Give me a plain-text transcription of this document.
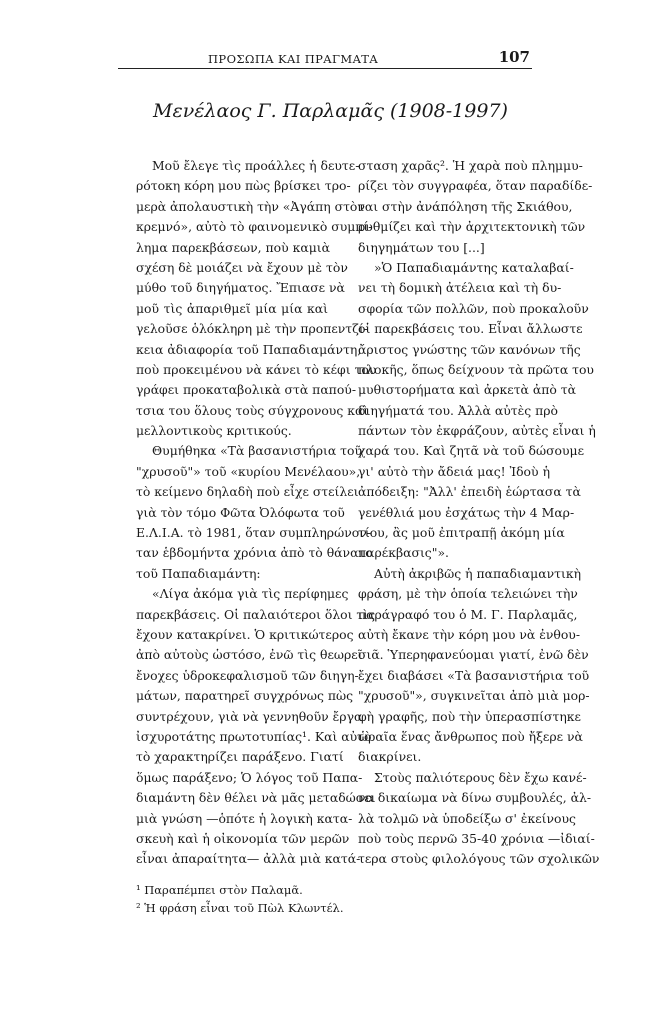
ΠΡΟΣΩΠΑ ΚΑΙ ΠΡΑΓΜΑΤΑ	107
Μενέλαος Γ. Παρλαμᾶς (1908-1997)
Μοῦ ἔλεγε τὶς προάλλες ἡ δευτε-
ρότοκη κόρη μου πὼς βρίσκει τρο-
μερὰ ἀπολαυστικὴ τὴν «Ἀγάπη στὸν
κρεμνό», αὐτὸ τὸ φαινομενικὸ συμπί-
λημα παρεκβάσεων, ποὺ καμιὰ
σχέση δὲ μοιάζει νὰ ἔχουν μὲ τὸν
μύθο τοῦ διηγήματος. Ἔπιασε νὰ
μοῦ τὶς ἀπαριθμεῖ μία μία καὶ
γελοῦσε ὁλόκληρη μὲ τὴν προπεντζί-
κεια ἀδιαφορία τοῦ Παπαδιαμάντη,
ποὺ προκειμένου νὰ κάνει τὸ κέφι του
γράφει προκαταβολικὰ στὰ παπού-
τσια του ὅλους τοὺς σύγχρονους καὶ
μελλοντικοὺς κριτικούς.
Θυμήθηκα «Τὰ βασανιστήρια τοῦ
"χρυσοῦ"» τοῦ «κυρίου Μενέλαου»,
τὸ κείμενο δηλαδὴ ποὺ εἶχε στείλει
γιὰ τὸν τόμο Φῶτα Ὀλόφωτα τοῦ
Ε.Λ.Ι.Α. τὸ 1981, ὅταν συμπληρώνον-
ταν ἑβδομήντα χρόνια ἀπὸ τὸ θάνατο
τοῦ Παπαδιαμάντη:
«Λίγα ἀκόμα γιὰ τὶς περίφημες
παρεκβάσεις. Οἱ παλαιότεροι ὅλοι τὶς
ἔχουν κατακρίνει. Ὁ κριτικώτερος
ἀπὸ αὐτοὺς ὡστόσο, ἐνῶ τὶς θεωρεῖ
ἔνοχες ὑδροκεφαλισμοῦ τῶν διηγη-
μάτων, παρατηρεῖ συγχρόνως πὼς
συντρέχουν, γιὰ νὰ γεννηθοῦν ἔργα
ἰσχυροτάτης πρωτοτυπίας¹. Καὶ αὐτὸ
τὸ χαρακτηρίζει παράξενο. Γιατί
ὅμως παράξενο; Ὁ λόγος τοῦ Παπα-
διαμάντη δὲν θέλει νὰ μᾶς μεταδώσει
μιὰ γνώση —ὁπότε ἡ λογικὴ κατα-
σκευὴ καὶ ἡ οἰκονομία τῶν μερῶν
εἶναι ἀπαραίτητα— ἀλλὰ μιὰ κατά-
σταση χαρᾶς². Ἡ χαρὰ ποὺ πλημμυ-
ρίζει τὸν συγγραφέα, ὅταν παραδίδε-
ται στὴν ἀνάπόληση τῆς Σκιάθου,
ρυθμίζει καὶ τὴν ἀρχιτεκτονικὴ τῶν
διηγημάτων του [...]
»Ὁ Παπαδιαμάντης καταλαβαί-
νει τὴ δομικὴ ἀτέλεια καὶ τὴ δυ-
σφορία τῶν πολλῶν, ποὺ προκαλοῦν
οἱ παρεκβάσεις του. Εἶναι ἄλλωστε
ἄριστος γνώστης τῶν κανόνων τῆς
πλοκῆς, ὅπως δείχνουν τὰ πρῶτα του
μυθιστορήματα καὶ ἀρκετὰ ἀπὸ τὰ
διηγήματά του. Ἀλλὰ αὐτὲς πρὸ
πάντων τὸν ἐκφράζουν, αὐτὲς εἶναι ἡ
χαρά του. Καὶ ζητᾶ νὰ τοῦ δώσουμε
γι' αὐτὸ τὴν ἄδειά μας! Ἰδοὺ ἡ
ἀπόδειξη: "Ἀλλ' ἐπειδὴ ἑώρτασα τὰ
γενέθλιά μου ἐσχάτως τὴν 4 Μαρ-
τίου, ἂς μοῦ ἐπιτραπῇ ἀκόμη μία
παρέκβασις"».
Αὐτὴ ἀκριβῶς ἡ παπαδιαμαντικὴ
φράση, μὲ τὴν ὁποία τελειώνει τὴν
παράγραφό του ὁ Μ. Γ. Παρλαμᾶς,
αὐτὴ ἔκανε τὴν κόρη μου νὰ ἐνθου-
σιᾶ. Ὑπερηφανεύομαι γιατί, ἐνῶ δὲν
ἔχει διαβάσει «Τὰ βασανιστήρια τοῦ
"χρυσοῦ"», συγκινεῖται ἀπὸ μιὰ μορ-
φὴ γραφῆς, ποὺ τὴν ὑπερασπίστηκε
ὡραῖα ἕνας ἄνθρωπος ποὺ ἤξερε νὰ
διακρίνει.
Στοὺς παλιότερους δὲν ἔχω κανέ-
να δικαίωμα νὰ δίνω συμβουλές, ἀλ-
λὰ τολμῶ νὰ ὑποδείξω σ' ἐκείνους
ποὺ τοὺς περνῶ 35-40 χρόνια —ἰδιαί-
τερα στοὺς φιλολόγους τῶν σχολικῶν
¹ Παραπέμπει στὸν Παλαμᾶ.
² Ἡ φράση εἶναι τοῦ Πὼλ Κλωντέλ.
